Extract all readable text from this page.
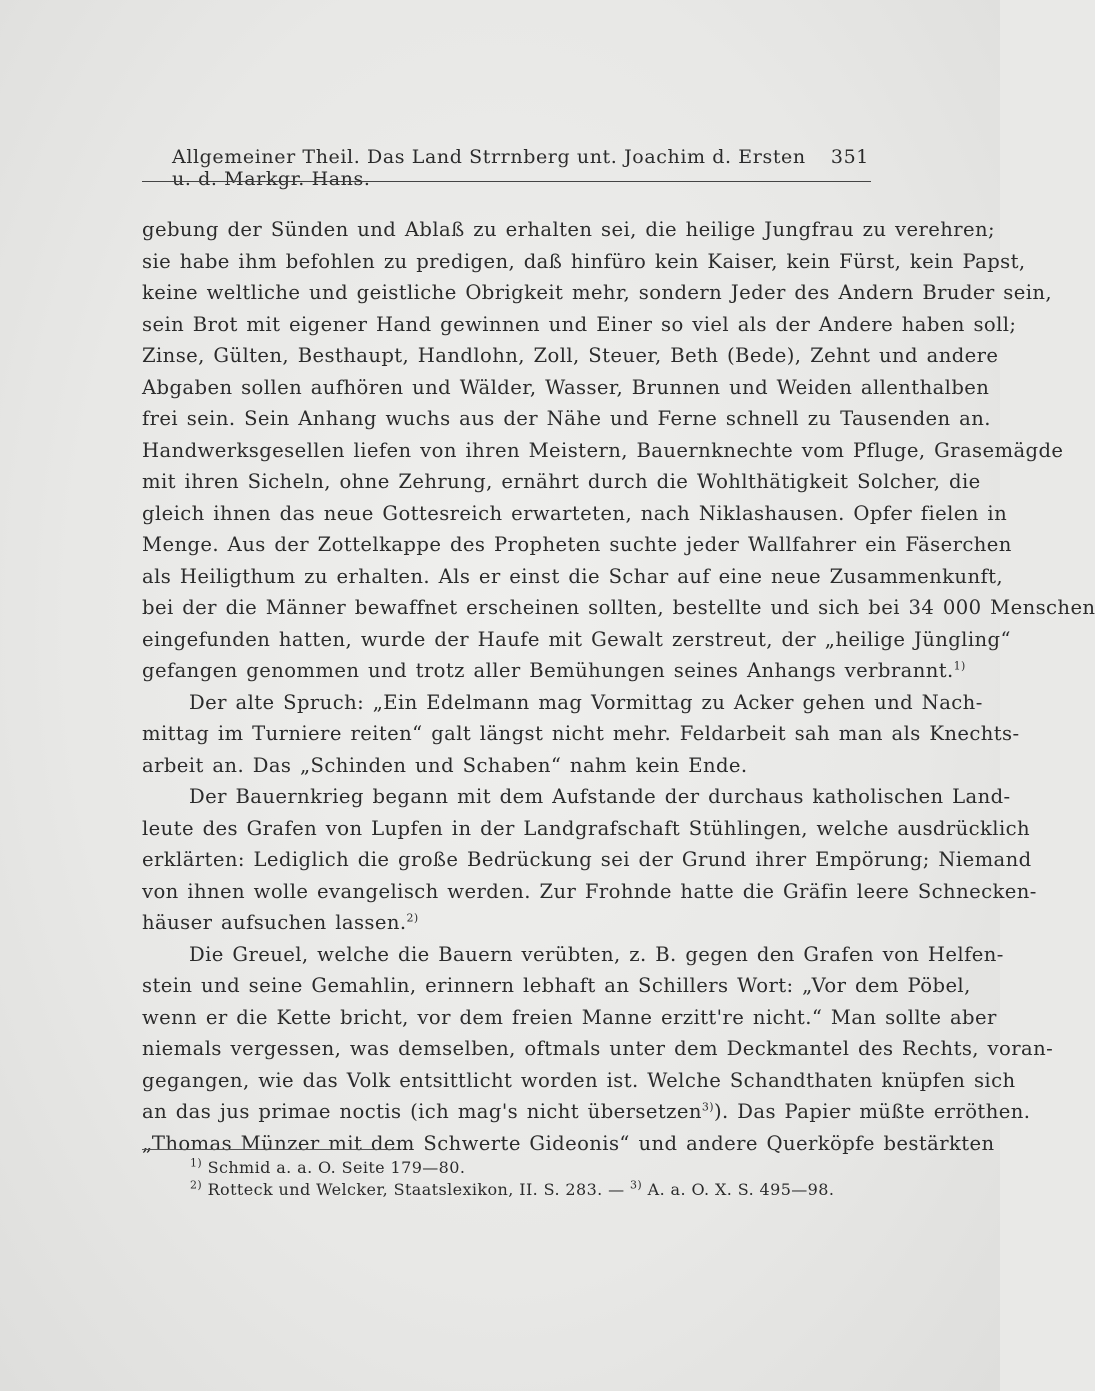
Allgemeiner Theil. Das Land Strrnberg unt. Joachim d. Ersten u. d. Markgr. Hans.
351
gebung der Sünden und Ablaß zu erhalten sei, die heilige Jungfrau zu verehren;
sie habe ihm befohlen zu predigen, daß hinfüro kein Kaiser, kein Fürst, kein Papst,
keine weltliche und geistliche Obrigkeit mehr, sondern Jeder des Andern Bruder sein,
sein Brot mit eigener Hand gewinnen und Einer so viel als der Andere haben soll;
Zinse, Gülten, Besthaupt, Handlohn, Zoll, Steuer, Beth (Bede), Zehnt und andere
Abgaben sollen aufhören und Wälder, Wasser, Brunnen und Weiden allenthalben
frei sein. Sein Anhang wuchs aus der Nähe und Ferne schnell zu Tausenden an.
Handwerksgesellen liefen von ihren Meistern, Bauernknechte vom Pfluge, Grasemägde
mit ihren Sicheln, ohne Zehrung, ernährt durch die Wohlthätigkeit Solcher, die
gleich ihnen das neue Gottesreich erwarteten, nach Niklashausen. Opfer fielen in
Menge. Aus der Zottelkappe des Propheten suchte jeder Wallfahrer ein Fäserchen
als Heiligthum zu erhalten. Als er einst die Schar auf eine neue Zusammenkunft,
bei der die Männer bewaffnet erscheinen sollten, bestellte und sich bei 34 000 Menschen
eingefunden hatten, wurde der Haufe mit Gewalt zerstreut, der „heilige Jüngling“
gefangen genommen und trotz aller Bemühungen seines Anhangs verbrannt.$^{1)}$
Der alte Spruch: „Ein Edelmann mag Vormittag zu Acker gehen und Nach-
mittag im Turniere reiten“ galt längst nicht mehr. Feldarbeit sah man als Knechts-
arbeit an. Das „Schinden und Schaben“ nahm kein Ende.
Der Bauernkrieg begann mit dem Aufstande der durchaus katholischen Land-
leute des Grafen von Lupfen in der Landgrafschaft Stühlingen, welche ausdrücklich
erklärten: Lediglich die große Bedrückung sei der Grund ihrer Empörung; Niemand
von ihnen wolle evangelisch werden. Zur Frohnde hatte die Gräfin leere Schnecken-
häuser aufsuchen lassen.$^{2)}$
Die Greuel, welche die Bauern verübten, z. B. gegen den Grafen von Helfen-
stein und seine Gemahlin, erinnern lebhaft an Schillers Wort: „Vor dem Pöbel,
wenn er die Kette bricht, vor dem freien Manne erzitt're nicht.“ Man sollte aber
niemals vergessen, was demselben, oftmals unter dem Deckmantel des Rechts, voran-
gegangen, wie das Volk entsittlicht worden ist. Welche Schandthaten knüpfen sich
an das jus primae noctis (ich mag's nicht übersetzen$^{3)}$). Das Papier müßte erröthen.
„Thomas Münzer mit dem Schwerte Gideonis“ und andere Querköpfe bestärkten
$^{1)}$ Schmid a. a. O. Seite 179—80.
$^{2)}$ Rotteck und Welcker, Staatslexikon, II. S. 283. — $^{3)}$ A. a. O. X. S. 495—98.
